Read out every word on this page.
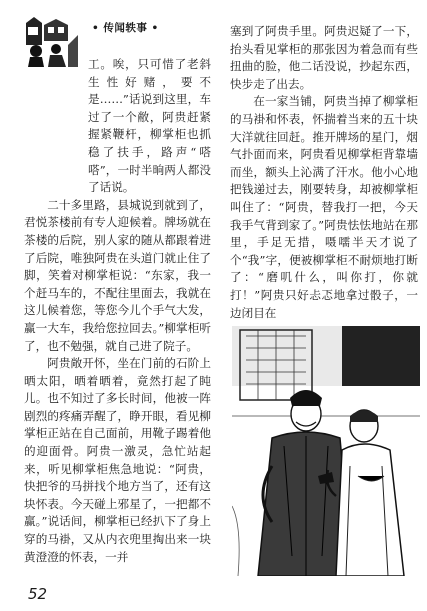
• 传闻轶事 •

工。唉，只可惜了老斜生性好赌，要不是……”话说到这里，车过了一个敝，阿贵赶紧握紧鞭杆，柳掌柜也抓稳了扶手，路声“嗒嗒”，一时半晌两人都没了话说。

二十多里路，县城说到就到了，君悦茶楼前有专人迎候着。牌场就在茶楼的后院，别人家的随从都跟着进了后院，唯独阿贵在头道门就止住了脚，笑着对柳掌柜说：“东家，我一个赶马车的，不配往里面去，我就在这儿候着您，等您今儿个手气大发，赢一大车，我给您拉回去。”柳掌柜听了，也不勉强，就自己进了院子。

阿贵敞开怀，坐在门前的石阶上晒太阳，晒着晒着，竟然打起了盹儿。也不知过了多长时间，他被一阵剧烈的疼痛弄醒了，睁开眼，看见柳掌柜正站在自己面前，用靴子踢着他的迎面骨。阿贵一激灵，急忙站起来，听见柳掌柜焦急地说：“阿贵，快把爷的马拼找个地方当了，还有这块怀表。今天碰上邪星了，一把都不赢。”说话间，柳掌柜已经扒下了身上穿的马褂，又从内衣兜里掏出来一块黄澄澄的怀表，一并

塞到了阿贵手里。阿贵迟疑了一下，抬头看见掌柜的那张因为着急而有些扭曲的脸，他二话没说，抄起东西，快步走了出去。

在一家当铺，阿贵当掉了柳掌柜的马褂和怀表，怀揣着当来的五十块大洋就往回赶。推开牌场的星门，烟气扑面而来，阿贵看见柳掌柜背靠墙而坐，额头上沁满了汗水。他小心地把钱递过去，刚要转身，却被柳掌柜叫住了：“阿贵，替我打一把，今天我手气背到家了。”阿贵怯怯地站在那里，手足无措，嗫嚅半天才说了个“我”字，便被柳掌柜不耐烦地打断了：“磨叽什么，叫你打，你就打！”阿贵只好忐忑地拿过骰子，一边闭目在

52
